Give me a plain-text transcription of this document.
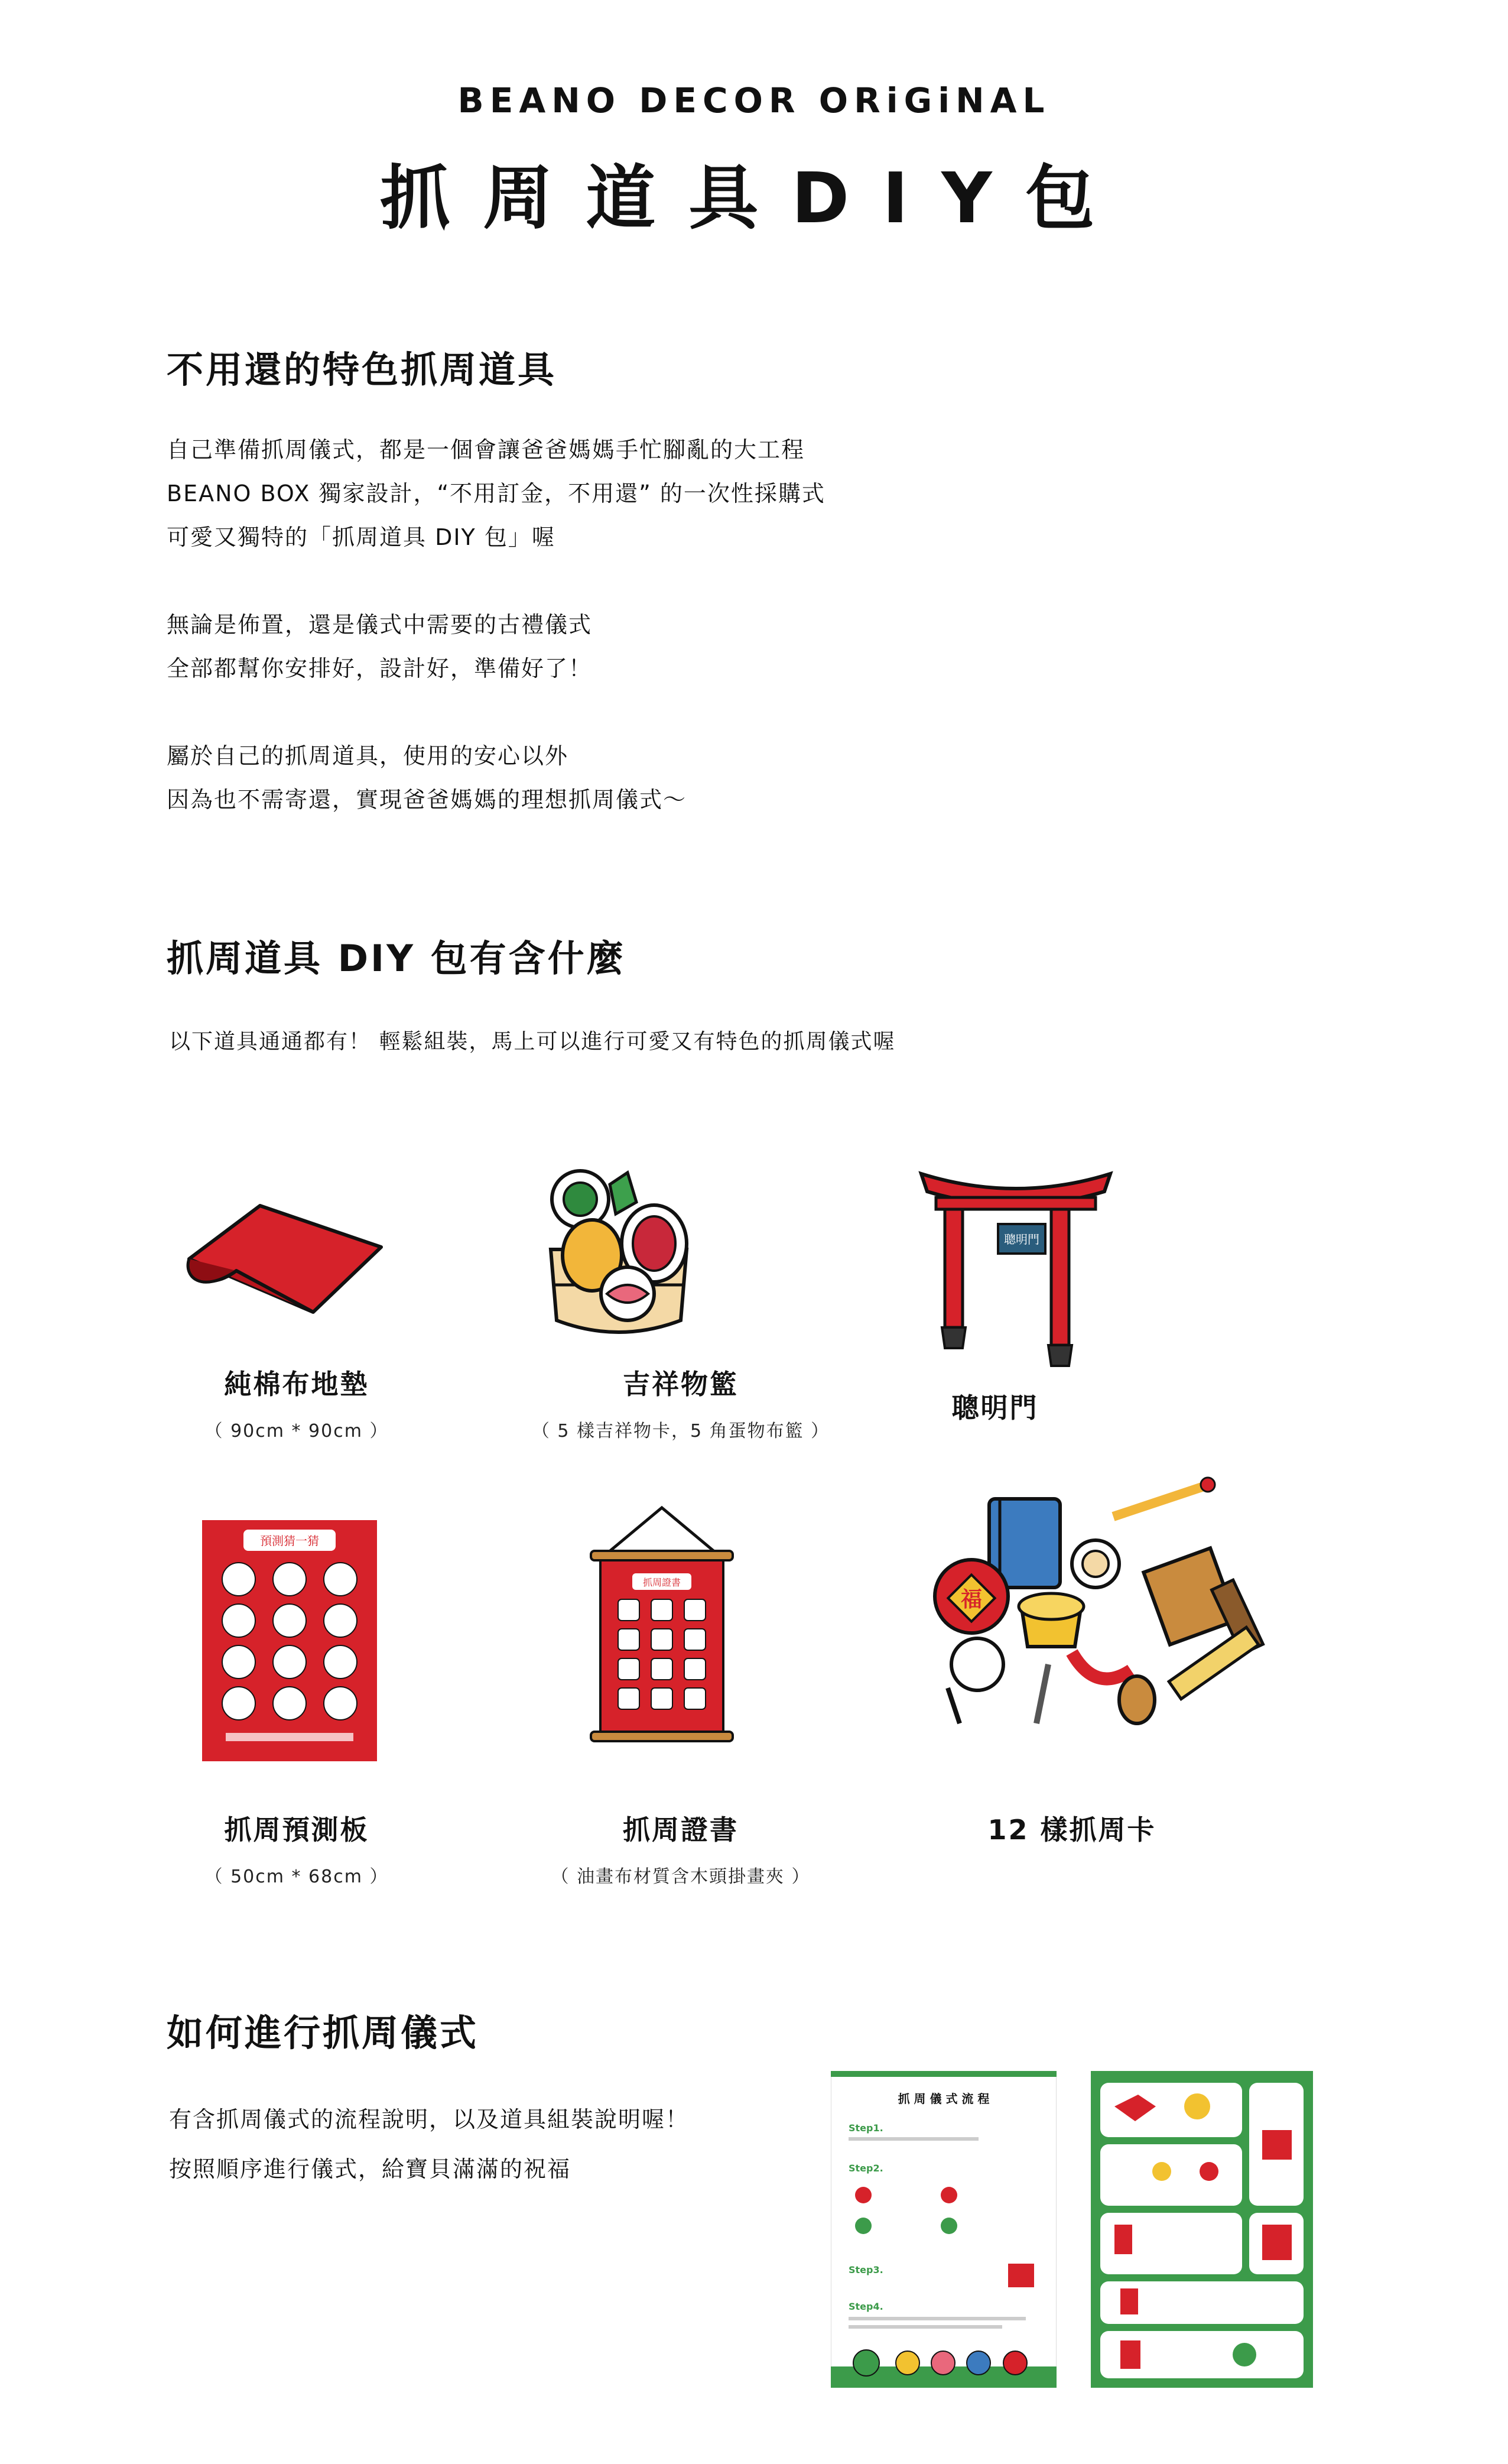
BEANO DECOR ORiGiNAL
抓周道具DIY包
不用還的特色抓周道具

自己準備抓周儀式，都是一個會讓爸爸媽媽手忙腳亂的大工程

BEANO BOX 獨家設計，“不用訂金，不用還” 的一次性採購式

可愛又獨特的「抓周道具 DIY 包」喔

無論是佈置，還是儀式中需要的古禮儀式

全部都幫你安排好，設計好，準備好了！

屬於自己的抓周道具，使用的安心以外

因為也不需寄還，實現爸爸媽媽的理想抓周儀式～

抓周道具 DIY 包有含什麼
以下道具通通都有！ 輕鬆組裝，馬上可以進行可愛又有特色的抓周儀式喔
純棉布地墊
（ 90cm * 90cm ）
吉祥物籃
（ 5 樣吉祥物卡，5 角蛋物布籃 ）
聰明門
聰明門
預測猜一猜
抓周預測板
（ 50cm * 68cm ）
抓周證書
抓周證書
（ 油畫布材質含木頭掛畫夾 ）
福
12 樣抓周卡
如何進行抓周儀式

有含抓周儀式的流程說明，以及道具組裝說明喔！

按照順序進行儀式，給寶貝滿滿的祝福

抓 周 儀 式 流 程
Step1.
Step2.
Step3.
Step4.
